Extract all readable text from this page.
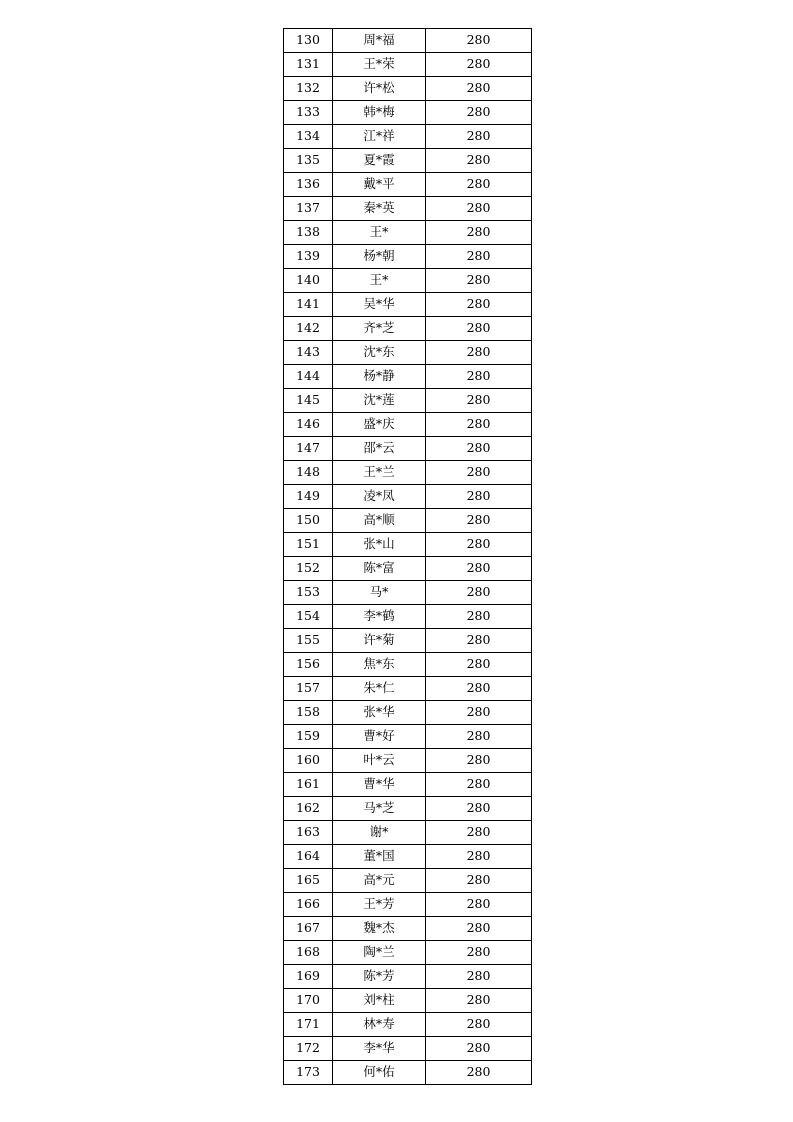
130	周*福	280
131	王*荣	280
132	许*松	280
133	韩*梅	280
134	江*祥	280
135	夏*霞	280
136	戴*平	280
137	秦*英	280
138	王*	280
139	杨*朝	280
140	王*	280
141	吴*华	280
142	齐*芝	280
143	沈*东	280
144	杨*静	280
145	沈*莲	280
146	盛*庆	280
147	邵*云	280
148	王*兰	280
149	凌*凤	280
150	高*顺	280
151	张*山	280
152	陈*富	280
153	马*	280
154	李*鹤	280
155	许*菊	280
156	焦*东	280
157	朱*仁	280
158	张*华	280
159	曹*好	280
160	叶*云	280
161	曹*华	280
162	马*芝	280
163	谢*	280
164	董*国	280
165	高*元	280
166	王*芳	280
167	魏*杰	280
168	陶*兰	280
169	陈*芳	280
170	刘*柱	280
171	林*寿	280
172	李*华	280
173	何*佑	280
